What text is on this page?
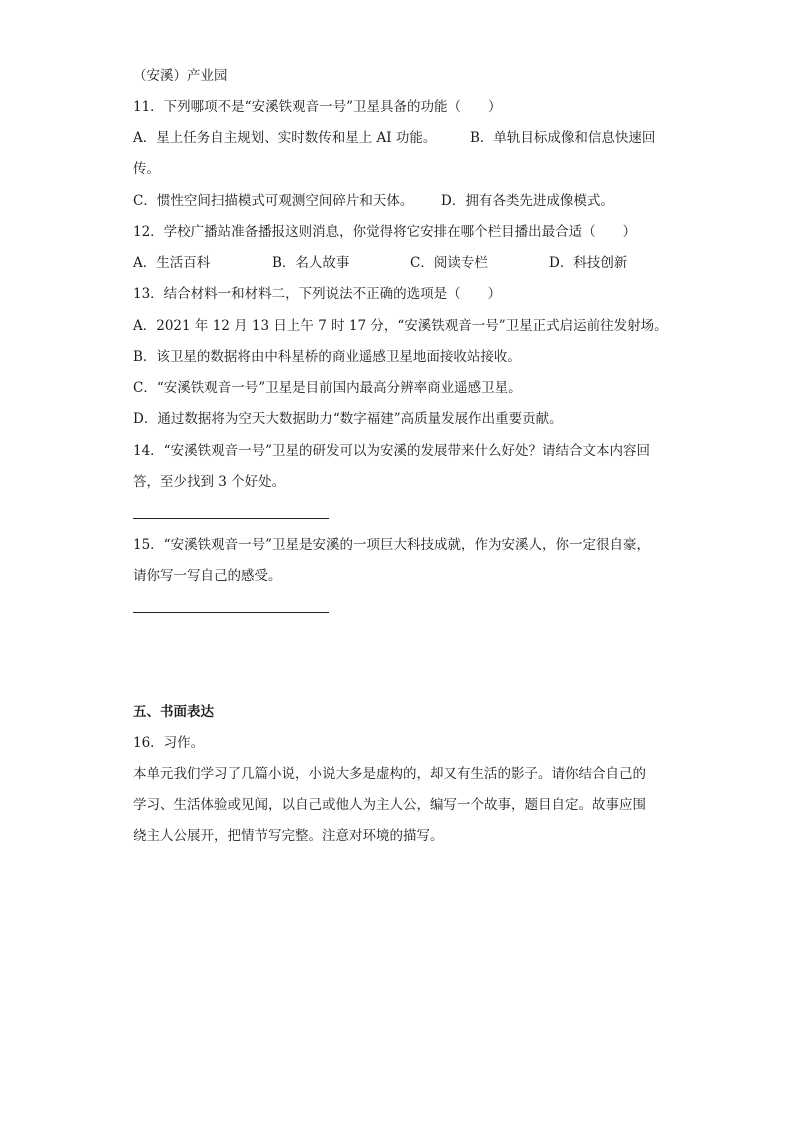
（安溪）产业园
11．下列哪项不是“安溪铁观音一号”卫星具备的功能（　　）
A．星上任务自主规划、实时数传和星上 AI 功能。 B．单轨目标成像和信息快速回
传。
C．惯性空间扫描模式可观测空间碎片和天体。 D．拥有各类先进成像模式。
12．学校广播站准备播报这则消息，你觉得将它安排在哪个栏目播出最合适（　　）
A．生活百科	B．名人故事	C．阅读专栏	D．科技创新
13．结合材料一和材料二，下列说法不正确的选项是（　　）
A．2021 年 12 月 13 日上午 7 时 17 分，“安溪铁观音一号”卫星正式启运前往发射场。
B．该卫星的数据将由中科星桥的商业遥感卫星地面接收站接收。
C．“安溪铁观音一号”卫星是目前国内最高分辨率商业遥感卫星。
D．通过数据将为空天大数据助力“数字福建”高质量发展作出重要贡献。
14．“安溪铁观音一号”卫星的研发可以为安溪的发展带来什么好处？请结合文本内容回
答，至少找到 3 个好处。
15．“安溪铁观音一号”卫星是安溪的一项巨大科技成就，作为安溪人，你一定很自豪，
请你写一写自己的感受。
五、书面表达
16．习作。
本单元我们学习了几篇小说，小说大多是虚构的，却又有生活的影子。请你结合自己的
学习、生活体验或见闻，以自己或他人为主人公，编写一个故事，题目自定。故事应围
绕主人公展开，把情节写完整。注意对环境的描写。
